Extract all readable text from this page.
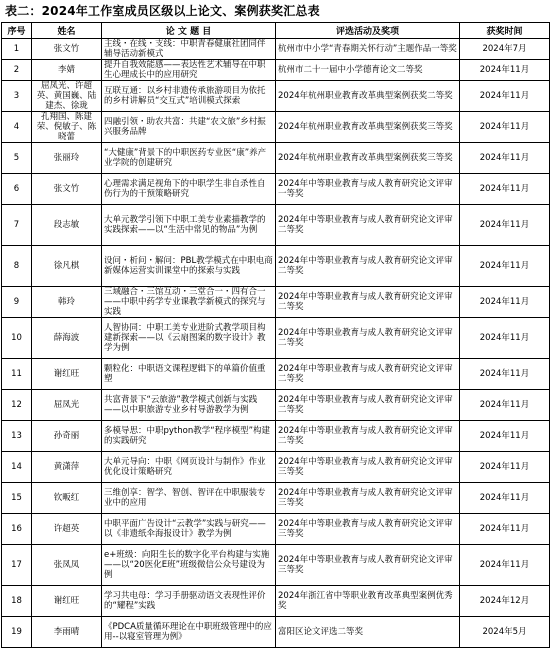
表二：2024年工作室成员区级以上论文、案例获奖汇总表
序号	姓名	论 文 题 目	评选活动及奖项	获奖时间
1	张文竹	主线・在线・支线：中职青春健康社团同伴辅导活动新模式	杭州市中小学“青春期关怀行动”主题作品一等奖	2024年7月
2	李婧	提升自我效能感——表达性艺术辅导在中职生心理成长中的应用研究	杭州市二十一届中小学德育论文二等奖	2024年11月
3	屈凤光、许超英、黄国巍、陆建杰、徐珑	互联互通：以乡村非遗传承旅游项目为依托的乡村讲解员“交互式”培训模式探索	2024年杭州职业教育改革典型案例获奖二等奖	2024年11月
4	孔翔国、陈建荣、倪敏子、陈晓蕾	四融引领・助农共富：共建“农文旅”乡村振兴服务品牌	2024年杭州职业教育改革典型案例获奖三等奖	2024年11月
5	张丽玲	“大健康”背景下的中职医药专业医“康”养产业学院的创建研究	2024年杭州职业教育改革典型案例获奖三等奖	2024年11月
6	张文竹	心理需求满足视角下的中职学生非自杀性自伤行为的干预策略研究	2024年中等职业教育与成人教育研究论文评审一等奖	2024年11月
7	段志敏	大单元教学引领下中职工美专业素描教学的实践探索——以“生活中常见的物品”为例	2024年中等职业教育与成人教育研究论文评审二等奖	2024年11月
8	徐凡棋	设问・析问・解问：PBL教学模式在中职电商新媒体运营实训课堂中的探索与实践	2024年中等职业教育与成人教育研究论文评审二等奖	2024年11月
9	韩玲	三域融合・三馆互动・三堂合一・四有合一——中职中药学专业课教学新模式的探究与实践	2024年中等职业教育与成人教育研究论文评审二等奖	2024年11月
10	薛海波	人智协同：中职工美专业进阶式教学项目构建新探索——以《云扇图案的数字设计》教学为例	2024年中等职业教育与成人教育研究论文评审二等奖	2024年11月
11	谢红旺	颗粒化：中职语文课程逻辑下的单篇价值重塑	2024年中等职业教育与成人教育研究论文评审二等奖	2024年11月
12	屈凤光	共富背景下“云旅游”教学模式创新与实践——以中职旅游专业乡村导游教学为例	2024年中等职业教育与成人教育研究论文评审二等奖	2024年11月
13	孙奇丽	多模导思：中职python教学“程序模型”构建的实践研究	2024年中等职业教育与成人教育研究论文评审二等奖	2024年11月
14	黄潇萍	大单元导向：中职《网页设计与制作》作业优化设计策略研究	2024年中等职业教育与成人教育研究论文评审三等奖	2024年11月
15	钦畈红	三维创享：智学、智创、智评在中职服装专业中的应用	2024年中等职业教育与成人教育研究论文评审三等奖	2024年11月
16	许超英	中职平面广告设计“云教学”实践与研究——以《非遗纸伞海报设计》教学为例	2024年中等职业教育与成人教育研究论文评审三等奖	2024年11月
17	张凤凤	e+班级：向阳生长的数字化平台构建与实施 ——以“20医化E班”班级微信公众号建设为例	2024年中等职业教育与成人教育研究论文评审三等奖	2024年11月
18	谢红旺	学习共电母：学习手册驱动语文表现性评价的“耀程”实践	2024年浙江省中等职业教育改革典型案例优秀奖	2024年12月
19	李雨晴	《PDCA质量循环理论在中职班级管理中的应用--以寝室管理为例》	富阳区论文评选二等奖	2024年5月
